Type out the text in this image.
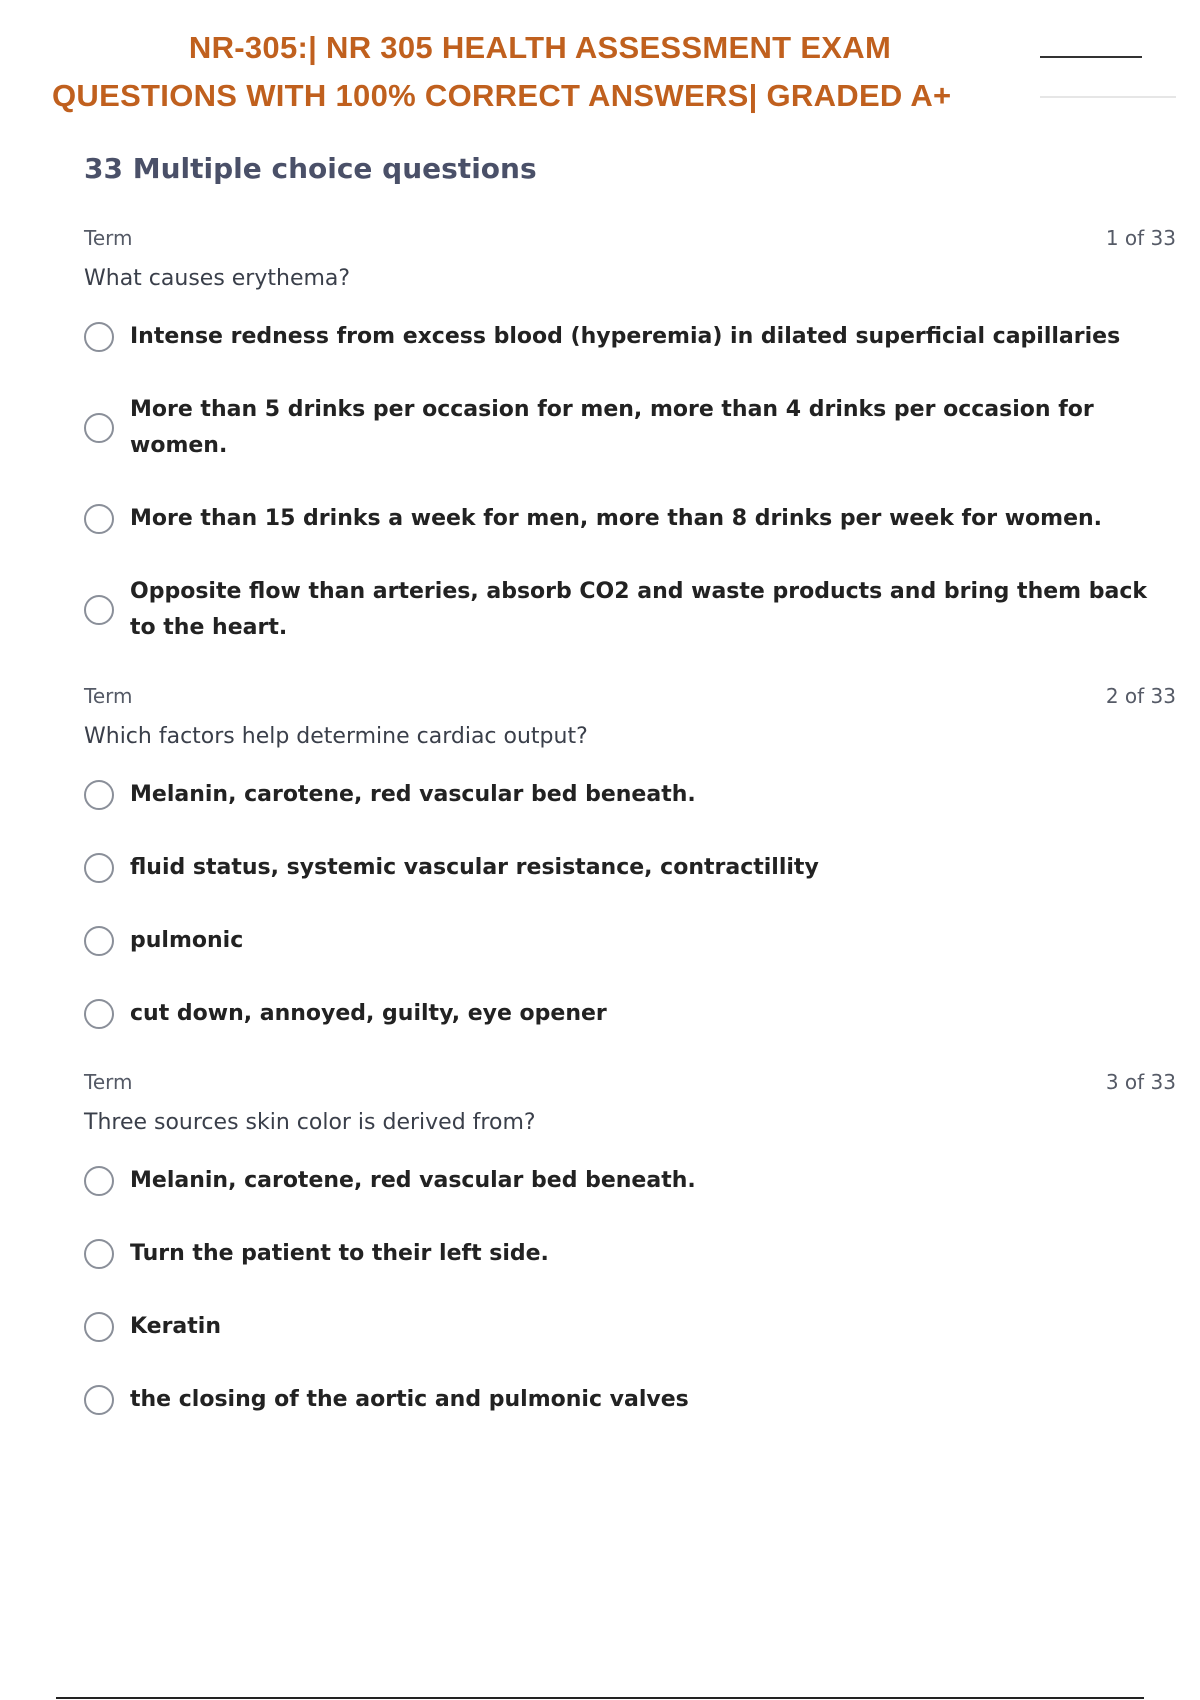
NR-305:| NR 305 HEALTH ASSESSMENT EXAM
QUESTIONS WITH 100% CORRECT ANSWERS| GRADED A+
33 Multiple choice questions
Term	1 of 33
What causes erythema?
Intense redness from excess blood (hyperemia) in dilated superficial capillaries
More than 5 drinks per occasion for men, more than 4 drinks per occasion for women.
More than 15 drinks a week for men, more than 8 drinks per week for women.
Opposite flow than arteries, absorb CO2 and waste products and bring them back to the heart.
Term	2 of 33
Which factors help determine cardiac output?
Melanin, carotene, red vascular bed beneath.
fluid status, systemic vascular resistance, contractillity
pulmonic
cut down, annoyed, guilty, eye opener
Term	3 of 33
Three sources skin color is derived from?
Melanin, carotene, red vascular bed beneath.
Turn the patient to their left side.
Keratin
the closing of the aortic and pulmonic valves
